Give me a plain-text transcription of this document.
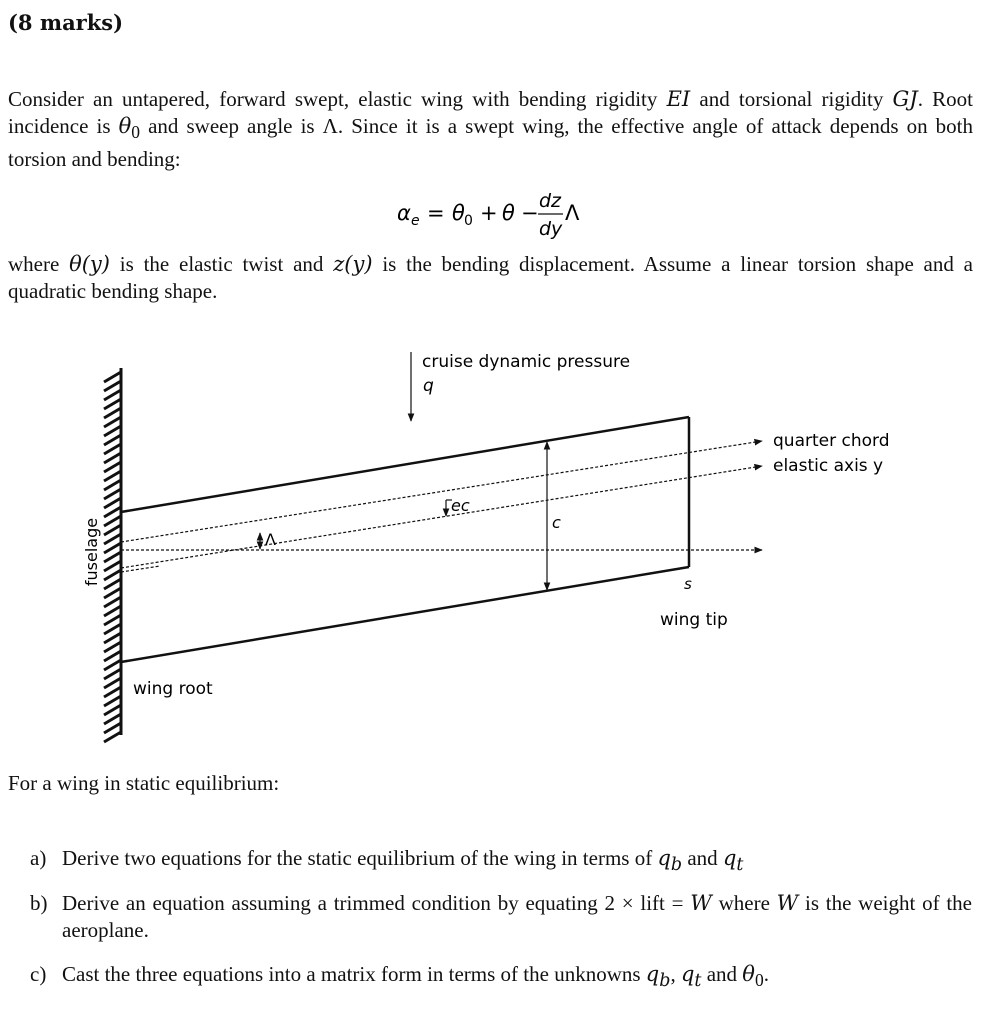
(8 marks)
Consider an untapered, forward swept, elastic wing with bending rigidity EI and torsional rigidity GJ. Root incidence is $\theta_0$ and sweep angle is Λ. Since it is a swept wing, the effective angle of attack depends on both torsion and bending:
α e = θ 0 + θ − dz
dy
Λ
where θ(y) is the elastic twist and z(y) is the bending displacement. Assume a linear torsion shape and a quadratic bending shape.
fuselage	Λ
ec
c
cruise dynamic pressure
q
quarter chord
elastic axis y
s
wing tip
wing root
For a wing in static equilibrium:
a) Derive two equations for the static equilibrium of the wing in terms of $q_b$ and $q_t$
b) Derive an equation assuming a trimmed condition by equating 2 × lift = W where W is the weight of the aeroplane.
c) Cast the three equations into a matrix form in terms of the unknowns $q_b$, $q_t$ and $\theta_0$.
